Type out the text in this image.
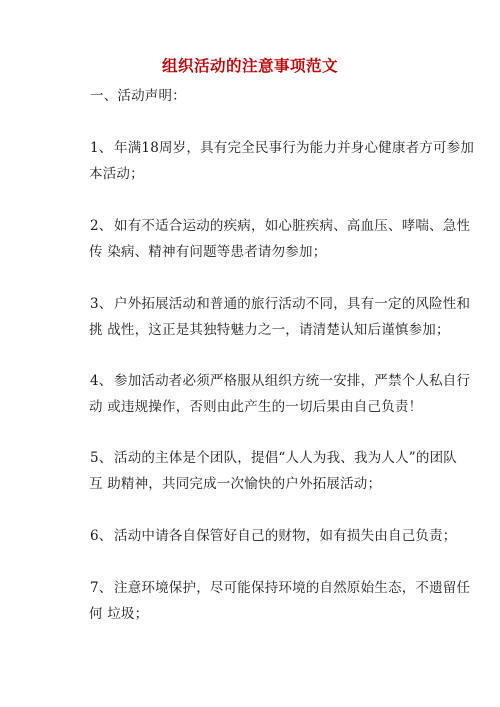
组织活动的注意事项范文
一、活动声明：
1、 年满18周岁，具有完全民事行为能力并身心健康者方可参加
本活动；
2、 如有不适合运动的疾病，如心脏疾病、高血压、哮喘、急性
传 染病、精神有问题等患者请勿参加；
3、 户外拓展活动和普通的旅行活动不同，具有一定的风险性和
挑 战性，这正是其独特魅力之一，请清楚认知后谨慎参加；
4、 参加活动者必须严格服从组织方统一安排，严禁个人私自行
动 或违规操作，否则由此产生的一切后果由自己负责！
5、 活动的主体是个团队，提倡“人人为我、我为人人”的团队
互 助精神，共同完成一次愉快的户外拓展活动；
6、 活动中请各自保管好自己的财物，如有损失由自己负责；
7、 注意环境保护，尽可能保持环境的自然原始生态，不遗留任
何 垃圾；
